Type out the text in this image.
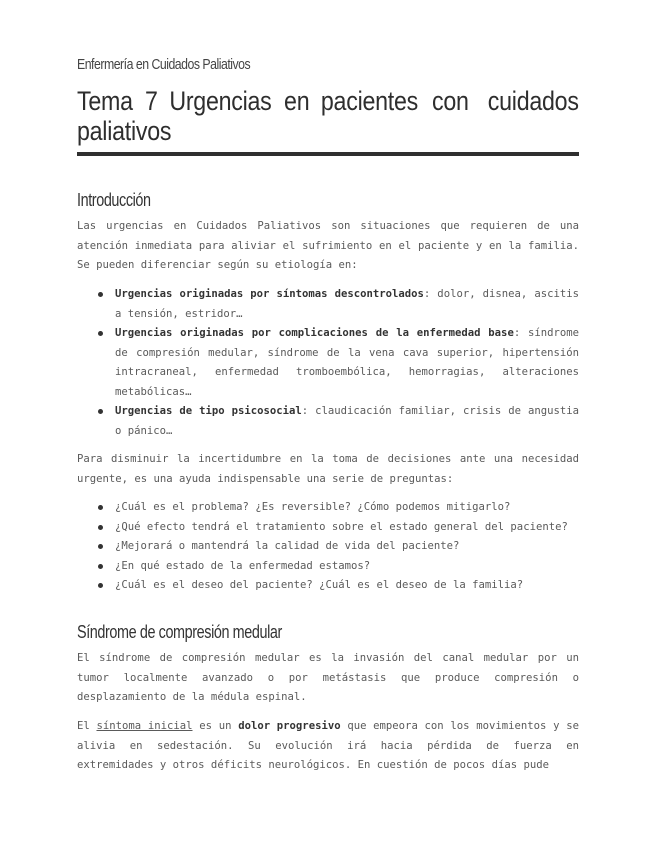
Enfermería en Cuidados Paliativos
Tema 7 Urgencias en pacientes con cuidados
paliativos
Introducción

Las urgencias en Cuidados Paliativos son situaciones que requieren de una atención inmediata para aliviar el sufrimiento en el paciente y en la familia. Se pueden diferenciar según su etiología en:

Urgencias originadas por síntomas descontrolados: dolor, disnea, ascitis a tensión, estridor…
Urgencias originadas por complicaciones de la enfermedad base: síndrome de compresión medular, síndrome de la vena cava superior, hipertensión intracraneal, enfermedad tromboembólica, hemorragias, alteraciones metabólicas…
Urgencias de tipo psicosocial: claudicación familiar, crisis de angustia o pánico…

Para disminuir la incertidumbre en la toma de decisiones ante una necesidad urgente, es una ayuda indispensable una serie de preguntas:

¿Cuál es el problema? ¿Es reversible? ¿Cómo podemos mitigarlo?
¿Qué efecto tendrá el tratamiento sobre el estado general del paciente?
¿Mejorará o mantendrá la calidad de vida del paciente?
¿En qué estado de la enfermedad estamos?
¿Cuál es el deseo del paciente? ¿Cuál es el deseo de la familia?
Síndrome de compresión medular

El síndrome de compresión medular es la invasión del canal medular por un tumor localmente avanzado o por metástasis que produce compresión o desplazamiento de la médula espinal.

El síntoma inicial es un dolor progresivo que empeora con los movimientos y se alivia en sedestación. Su evolución irá hacia pérdida de fuerza en extremidades y otros déficits neurológicos. En cuestión de pocos días pude
